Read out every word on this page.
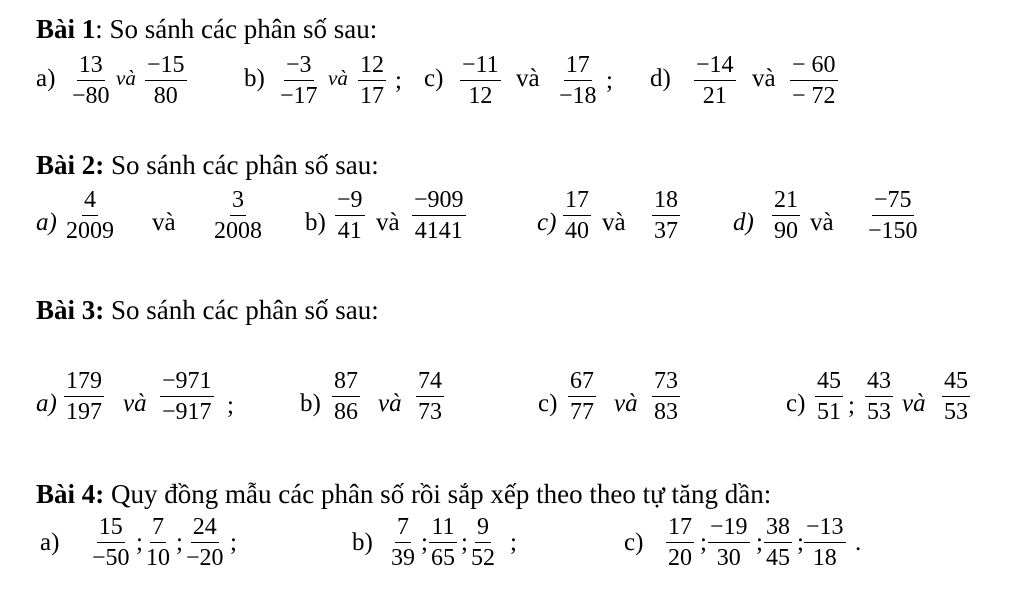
Bài 1: So sánh các phân số sau:
$a) \frac{13}{-80}$ và $\frac{-15}{80} b) \frac{-3}{-17}$ và $\frac{12}{17}$ ; $c) \frac{-11}{12}$ và $\frac{17}{-18}$ ; $d) \frac{-14}{21}$ và $\frac{- 60}{- 72}$
Bài 2: So sánh các phân số sau:
$a) \frac{4}{2009}$ và $\frac{3}{2008} b) \frac{-9}{41}$ và $\frac{-909}{4141}$	$c) \frac{17}{40}$ và $\frac{18}{37} d) \frac{21}{90}$ và $\frac{-75}{-150}$
Bài 3: So sánh các phân số sau:
$a) \frac{179}{197}$ và $\frac{-971}{-917}$ ;	$b) \frac{87}{86}$ và $\frac{74}{73}$	$c) \frac{67}{77}$ và $\frac{73}{83}$	$c) \frac{45}{51}$ ; $\frac{43}{53}$ và $\frac{45}{53}$
Bài 4: Quy đồng mẫu các phân số rồi sắp xếp theo theo tự tăng dần:
$a) \frac{15}{-50}$ ; $\frac{7}{10}$ ; $\frac{24}{-20}$ ;	$b) \frac{7}{39}$ ; $\frac{11}{65}$ ; $\frac{9}{52}$ ;	$c) \frac{17}{20}$ ; $\frac{-19}{30}$ ; $\frac{38}{45}$ ; $\frac{-13}{18}$ .
